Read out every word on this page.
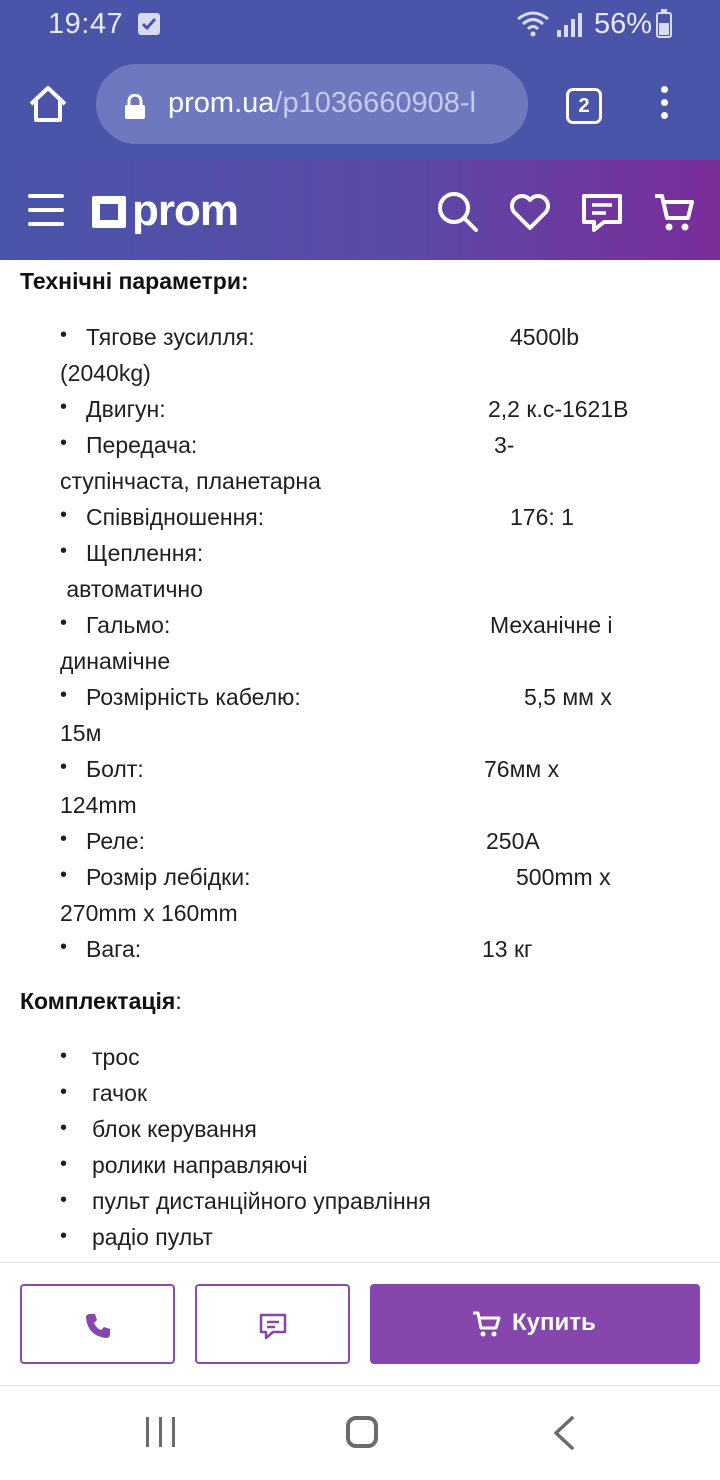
19:47	56%
prom.ua/p1036660908-l	2
prom
Технічні параметри:
• Тягове зусилля:	4500lb
(2040kg)
• Двигун:	2,2 к.с-1621В
• Передача:	3-
ступінчаста, планетарна
• Співвідношення:	176: 1
• Щеплення:
автоматично
• Гальмо:	Механічне і
динамічне
• Розмірність кабелю:	5,5 мм х
15м
• Болт:	76мм х
124mm
• Реле:	250А
• Розмір лебідки:	500mm x
270mm x 160mm
• Вага:	13 кг
Комплектація:
• трос
• гачок
• блок керування
• ролики направляючі
• пульт дистанційного управління
• радіо пульт
Купить
